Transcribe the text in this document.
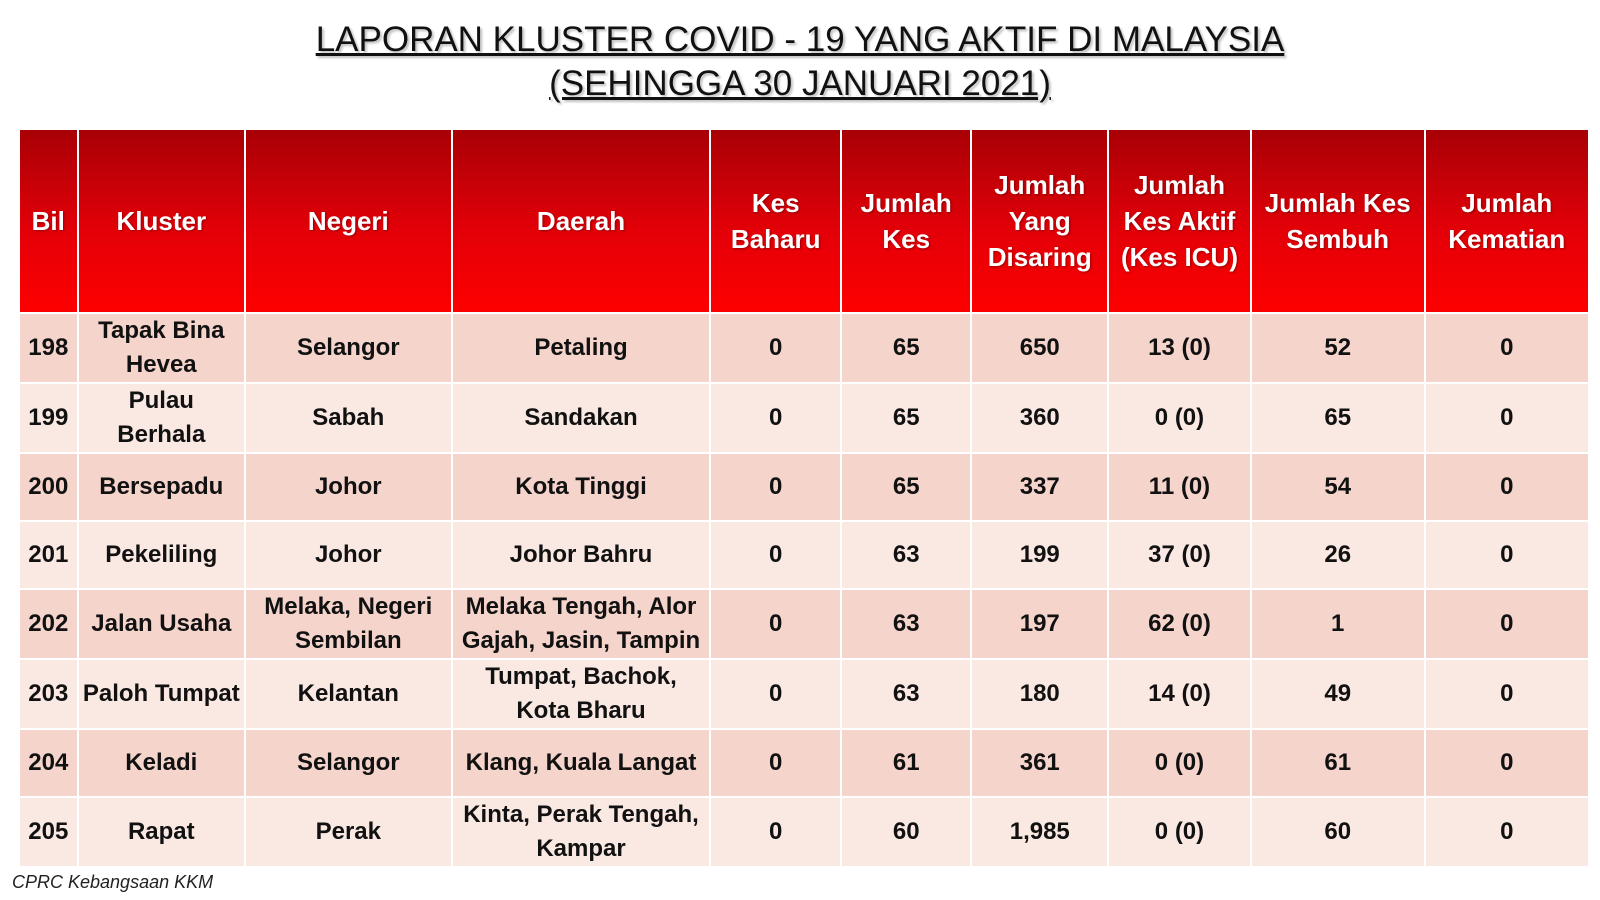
LAPORAN KLUSTER COVID - 19 YANG AKTIF DI MALAYSIA
(SEHINGGA 30 JANUARI 2021)
Bil	Kluster	Negeri	Daerah	Kes Baharu	Jumlah Kes	Jumlah Yang Disaring	Jumlah Kes Aktif (Kes ICU)	Jumlah Kes Sembuh	Jumlah Kematian
198	Tapak Bina Hevea	Selangor	Petaling	0	65	650	13 (0)	52	0
199	Pulau Berhala	Sabah	Sandakan	0	65	360	0 (0)	65	0
200	Bersepadu	Johor	Kota Tinggi	0	65	337	11 (0)	54	0
201	Pekeliling	Johor	Johor Bahru	0	63	199	37 (0)	26	0
202	Jalan Usaha	Melaka, Negeri Sembilan	Melaka Tengah, Alor Gajah, Jasin, Tampin	0	63	197	62 (0)	1	0
203	Paloh Tumpat	Kelantan	Tumpat, Bachok, Kota Bharu	0	63	180	14 (0)	49	0
204	Keladi	Selangor	Klang, Kuala Langat	0	61	361	0 (0)	61	0
205	Rapat	Perak	Kinta, Perak Tengah, Kampar	0	60	1,985	0 (0)	60	0
CPRC Kebangsaan KKM
